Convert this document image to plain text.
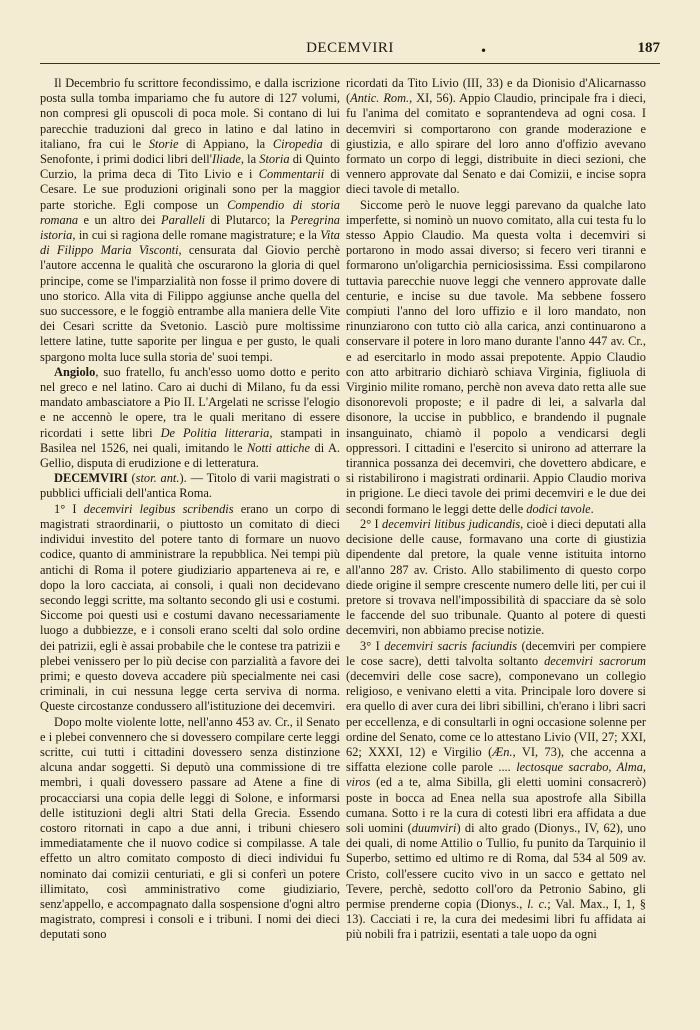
DECEMVIRI	•	187

Il Decembrio fu scrittore fecondissimo, e dalla iscrizione posta sulla tomba impariamo che fu autore di 127 volumi, non compresi gli opuscoli di poca mole. Si contano di lui parecchie traduzioni dal greco in latino e dal latino in italiano, fra cui le Storie di Appiano, la Ciropedia di Senofonte, i primi dodici libri dell'Iliade, la Storia di Quinto Curzio, la prima deca di Tito Livio e i Commentarii di Cesare. Le sue produzioni originali sono per la maggior parte storiche. Egli compose un Compendio di storia romana e un altro dei Paralleli di Plutarco; la Peregrina istoria, in cui si ragiona delle romane magistrature; e la Vita di Filippo Maria Visconti, censurata dal Giovio perchè l'autore accenna le qualità che oscurarono la gloria di quel principe, come se l'imparzialità non fosse il primo dovere di uno storico. Alla vita di Filippo aggiunse anche quella del suo successore, e le foggiò entrambe alla maniera delle Vite dei Cesari scritte da Svetonio. Lasciò pure moltissime lettere latine, tutte saporite per lingua e per gusto, le quali spargono molta luce sulla storia de' suoi tempi.

Angiolo, suo fratello, fu anch'esso uomo dotto e perito nel greco e nel latino. Caro ai duchi di Milano, fu da essi mandato ambasciatore a Pio II. L'Argelati ne scrisse l'elogio e ne accennò le opere, tra le quali meritano di essere ricordati i sette libri De Politia litteraria, stampati in Basilea nel 1526, nei quali, imitando le Notti attiche di A. Gellio, disputa di erudizione e di letteratura.

DECEMVIRI (stor. ant.). — Titolo di varii magistrati o pubblici ufficiali dell'antica Roma.

1° I decemviri legibus scribendis erano un corpo di magistrati straordinarii, o piuttosto un comitato di dieci individui investito del potere tanto di formare un nuovo codice, quanto di amministrare la repubblica. Nei tempi più antichi di Roma il potere giudiziario apparteneva ai re, e dopo la loro cacciata, ai consoli, i quali non decidevano secondo leggi scritte, ma soltanto secondo gli usi e costumi. Siccome poi questi usi e costumi davano necessariamente luogo a dubbiezze, e i consoli erano scelti dal solo ordine dei patrizii, egli è assai probabile che le contese tra patrizii e plebei venissero per lo più decise con parzialità a favore dei primi; e questo doveva accadere più specialmente nei casi criminali, in cui nessuna legge certa serviva di norma. Queste circostanze condussero all'istituzione dei decemviri.

Dopo molte violente lotte, nell'anno 453 av. Cr., il Senato e i plebei convennero che si dovessero compilare certe leggi scritte, cui tutti i cittadini dovessero senza distinzione alcuna andar soggetti. Si deputò una commissione di tre membri, i quali dovessero passare ad Atene a fine di procacciarsi una copia delle leggi di Solone, e informarsi delle istituzioni degli altri Stati della Grecia. Essendo costoro ritornati in capo a due anni, i tribuni chiesero immediatamente che il nuovo codice si compilasse. A tale effetto un altro comitato composto di dieci individui fu nominato dai comizii centuriati, e gli si conferì un potere illimitato, così amministrativo come giudiziario, senz'appello, e accompagnato dalla sospensione d'ogni altro magistrato, compresi i consoli e i tribuni. I nomi dei dieci deputati sono

ricordati da Tito Livio (III, 33) e da Dionisio d'Alicarnasso (Antic. Rom., XI, 56). Appio Claudio, principale fra i dieci, fu l'anima del comitato e soprantendeva ad ogni cosa. I decemviri si comportarono con grande moderazione e giustizia, e allo spirare del loro anno d'offizio avevano formato un corpo di leggi, distribuite in dieci sezioni, che vennero approvate dal Senato e dai Comizii, e incise sopra dieci tavole di metallo.

Siccome però le nuove leggi parevano da qualche lato imperfette, si nominò un nuovo comitato, alla cui testa fu lo stesso Appio Claudio. Ma questa volta i decemviri si portarono in modo assai diverso; si fecero veri tiranni e formarono un'oligarchia perniciosissima. Essi compilarono tuttavia parecchie nuove leggi che vennero approvate dalle centurie, e incise su due tavole. Ma sebbene fossero compiuti l'anno del loro uffizio e il loro mandato, non rinunziarono con tutto ciò alla carica, anzi continuarono a conservare il potere in loro mano durante l'anno 447 av. Cr., e ad esercitarlo in modo assai prepotente. Appio Claudio con atto arbitrario dichiarò schiava Virginia, figliuola di Virginio milite romano, perchè non aveva dato retta alle sue disonorevoli proposte; e il padre di lei, a salvarla dal disonore, la uccise in pubblico, e brandendo il pugnale insanguinato, chiamò il popolo a vendicarsi degli oppressori. I cittadini e l'esercito si unirono ad atterrare la tirannica possanza dei decemviri, che dovettero abdicare, e si ristabilirono i magistrati ordinarii. Appio Claudio moriva in prigione. Le dieci tavole dei primi decemviri e le due dei secondi formano le leggi dette delle dodici tavole.

2° I decemviri litibus judicandis, cioè i dieci deputati alla decisione delle cause, formavano una corte di giustizia dipendente dal pretore, la quale venne istituita intorno all'anno 287 av. Cristo. Allo stabilimento di questo corpo diede origine il sempre crescente numero delle liti, per cui il pretore si trovava nell'impossibilità di spacciare da sè solo le faccende del suo tribunale. Quanto al potere di questi decemviri, non abbiamo precise notizie.

3° I decemviri sacris faciundis (decemviri per compiere le cose sacre), detti talvolta soltanto decemviri sacrorum (decemviri delle cose sacre), componevano un collegio religioso, e venivano eletti a vita. Principale loro dovere si era quello di aver cura dei libri sibillini, ch'erano i libri sacri per eccellenza, e di consultarli in ogni occasione solenne per ordine del Senato, come ce lo attestano Livio (VII, 27; XXI, 62; XXXI, 12) e Virgilio (Æn., VI, 73), che accenna a siffatta elezione colle parole .... lectosque sacrabo, Alma, viros (ed a te, alma Sibilla, gli eletti uomini consacrerò) poste in bocca ad Enea nella sua apostrofe alla Sibilla cumana. Sotto i re la cura di cotesti libri era affidata a due soli uomini (duumviri) di alto grado (Dionys., IV, 62), uno dei quali, di nome Attilio o Tullio, fu punito da Tarquinio il Superbo, settimo ed ultimo re di Roma, dal 534 al 509 av. Cristo, coll'essere cucito vivo in un sacco e gettato nel Tevere, perchè, sedotto coll'oro da Petronio Sabino, gli permise prenderne copia (Dionys., l. c.; Val. Max., I, 1, § 13). Cacciati i re, la cura dei medesimi libri fu affidata ai più nobili fra i patrizii, esentati a tale uopo da ogni
